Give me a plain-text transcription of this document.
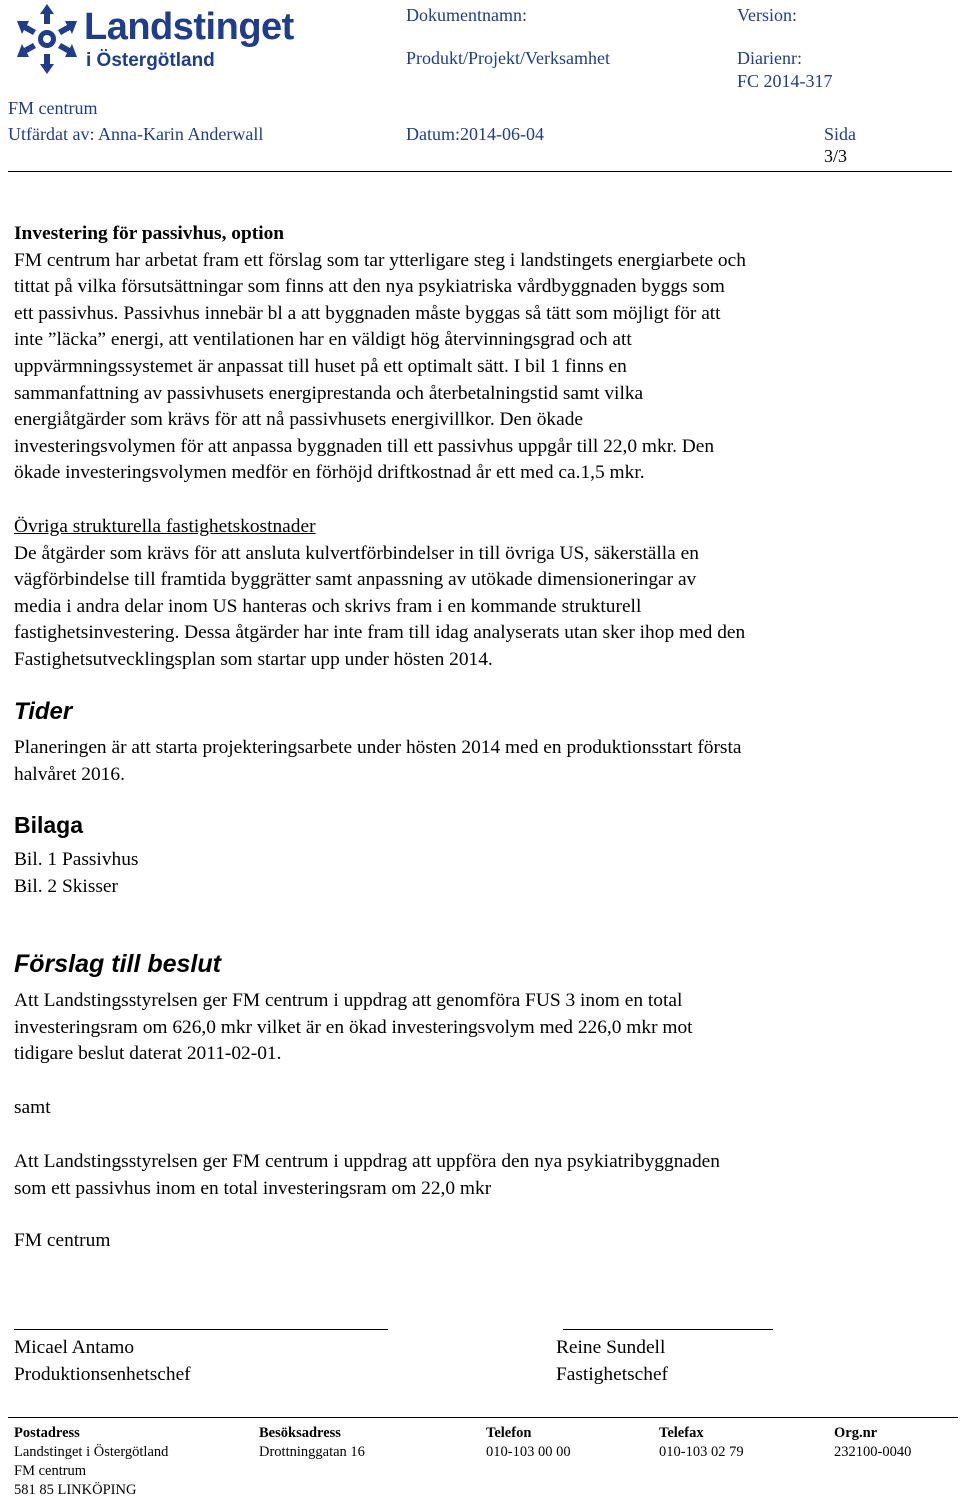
Landstinget
i Östergötland
Dokumentnamn:	Version:
Produkt/Projekt/Verksamhet	Diarienr:
FC 2014-317
FM centrum
Utfärdat av: Anna-Karin Anderwall	Datum:2014-06-04	Sida
3/3
Investering för passivhus, option
FM centrum har arbetat fram ett förslag som tar ytterligare steg i landstingets energiarbete och
tittat på vilka försutsättningar som finns att den nya psykiatriska vårdbyggnaden byggs som
ett passivhus. Passivhus innebär bl a att byggnaden måste byggas så tätt som möjligt för att
inte ”läcka” energi, att ventilationen har en väldigt hög återvinningsgrad och att
uppvärmningssystemet är anpassat till huset på ett optimalt sätt. I bil 1 finns en
sammanfattning av passivhusets energiprestanda och återbetalningstid samt vilka
energiåtgärder som krävs för att nå passivhusets energivillkor. Den ökade
investeringsvolymen för att anpassa byggnaden till ett passivhus uppgår till 22,0 mkr. Den
ökade investeringsvolymen medför en förhöjd driftkostnad år ett med ca.1,5 mkr.
Övriga strukturella fastighetskostnader
De åtgärder som krävs för att ansluta kulvertförbindelser in till övriga US, säkerställa en
vägförbindelse till framtida byggrätter samt anpassning av utökade dimensioneringar av
media i andra delar inom US hanteras och skrivs fram i en kommande strukturell
fastighetsinvestering. Dessa åtgärder har inte fram till idag analyserats utan sker ihop med den
Fastighetsutvecklingsplan som startar upp under hösten 2014.
Tider
Planeringen är att starta projekteringsarbete under hösten 2014 med en produktionsstart första
halvåret 2016.
Bilaga
Bil. 1 Passivhus
Bil. 2 Skisser
Förslag till beslut
Att Landstingsstyrelsen ger FM centrum i uppdrag att genomföra FUS 3 inom en total
investeringsram om 626,0 mkr vilket är en ökad investeringsvolym med 226,0 mkr mot
tidigare beslut daterat 2011-02-01.
samt
Att Landstingsstyrelsen ger FM centrum i uppdrag att uppföra den nya psykiatribyggnaden
som ett passivhus inom en total investeringsram om 22,0 mkr
FM centrum
Micael Antamo
Produktionsenhetschef
Reine Sundell
Fastighetschef
Postadress
Landstinget i Östergötland
FM centrum
581 85 LINKÖPING
Besöksadress
Drottninggatan 16
Telefon
010-103 00 00
Telefax
010-103 02 79
Org.nr
232100-0040
